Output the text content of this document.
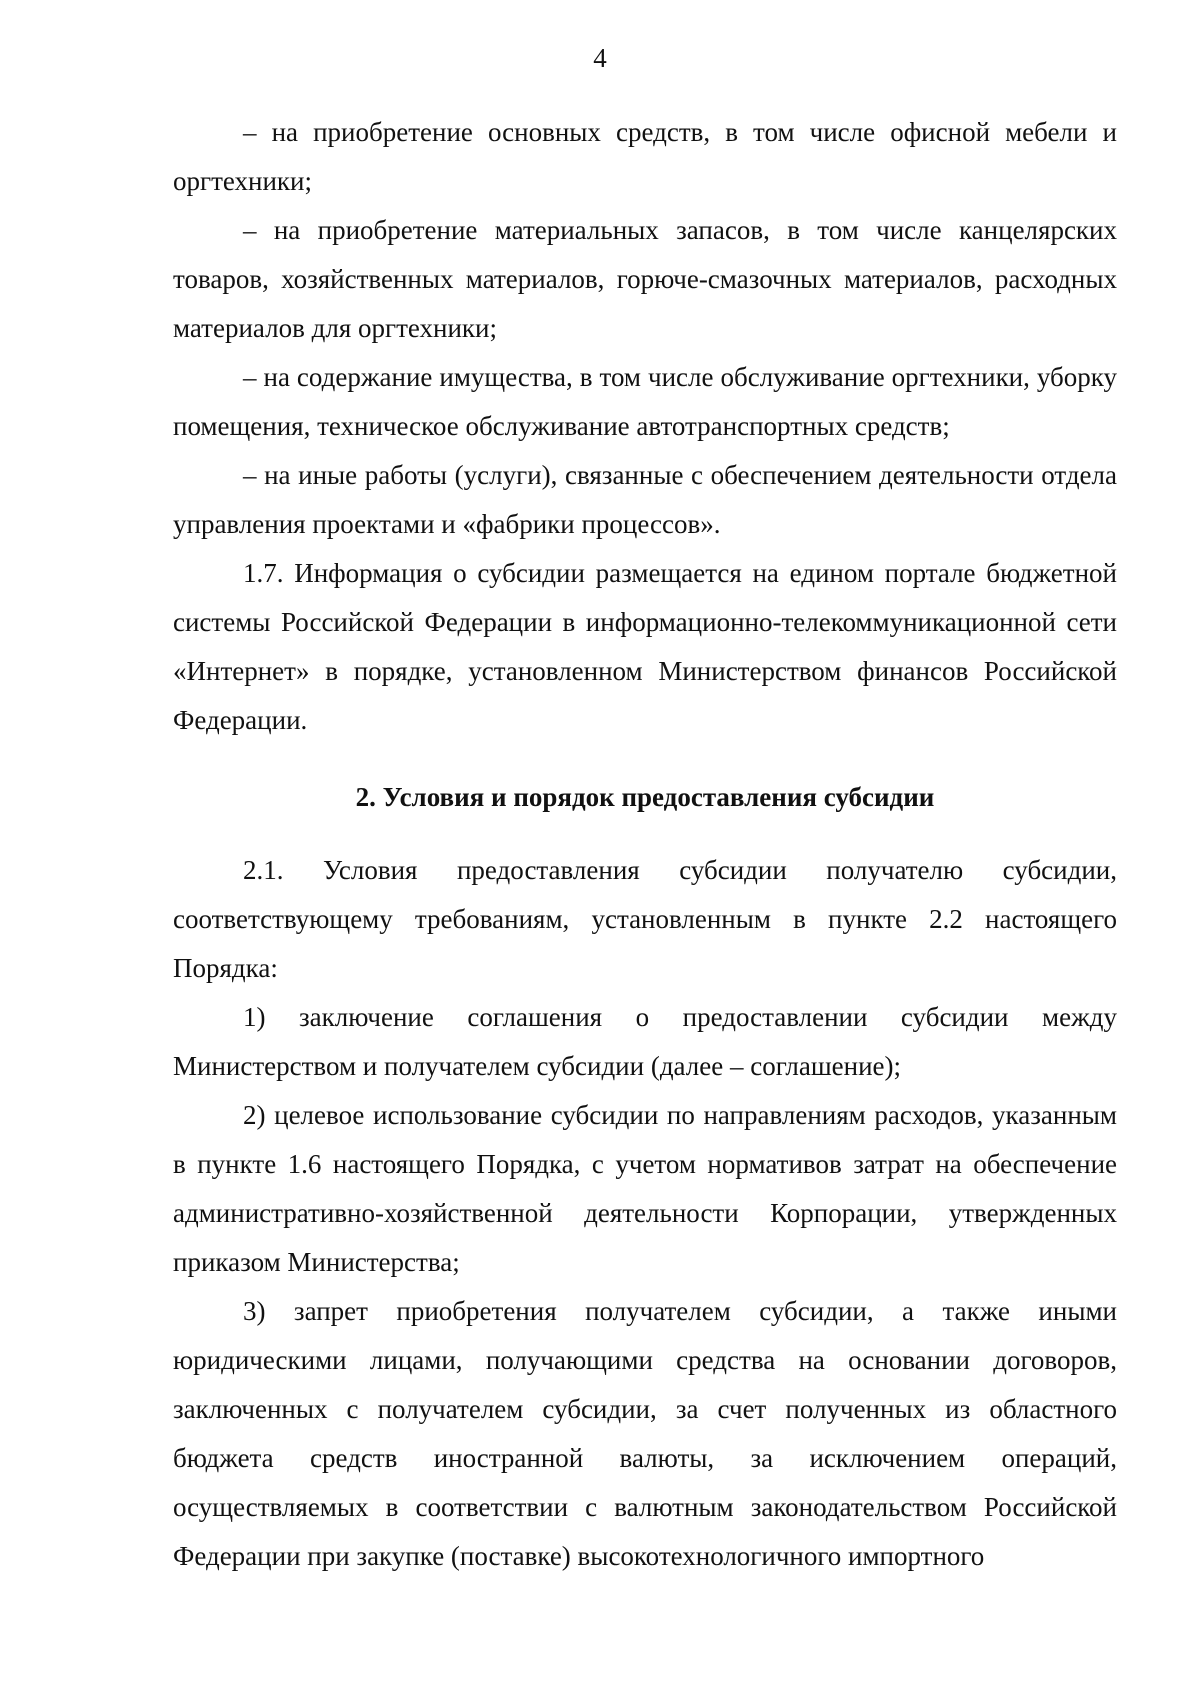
4

– на приобретение основных средств, в том числе офисной мебели и оргтехники;

– на приобретение материальных запасов, в том числе канцелярских товаров, хозяйственных материалов, горюче-смазочных материалов, расходных материалов для оргтехники;

– на содержание имущества, в том числе обслуживание оргтехники, уборку помещения, техническое обслуживание автотранспортных средств;

– на иные работы (услуги), связанные с обеспечением деятельности отдела управления проектами и «фабрики процессов».

1.7. Информация о субсидии размещается на едином портале бюджетной системы Российской Федерации в информационно-телекоммуникационной сети «Интернет» в порядке, установленном Министерством финансов Российской Федерации.

2. Условия и порядок предоставления субсидии

2.1. Условия предоставления субсидии получателю субсидии, соответствующему требованиям, установленным в пункте 2.2 настоящего Порядка:

1) заключение соглашения о предоставлении субсидии между Министерством и получателем субсидии (далее – соглашение);

2) целевое использование субсидии по направлениям расходов, указанным в пункте 1.6 настоящего Порядка, с учетом нормативов затрат на обеспечение административно-хозяйственной деятельности Корпорации, утвержденных приказом Министерства;

3) запрет приобретения получателем субсидии, а также иными юридическими лицами, получающими средства на основании договоров, заключенных с получателем субсидии, за счет полученных из областного бюджета средств иностранной валюты, за исключением операций, осуществляемых в соответствии с валютным законодательством Российской Федерации при закупке (поставке) высокотехнологичного импортного
